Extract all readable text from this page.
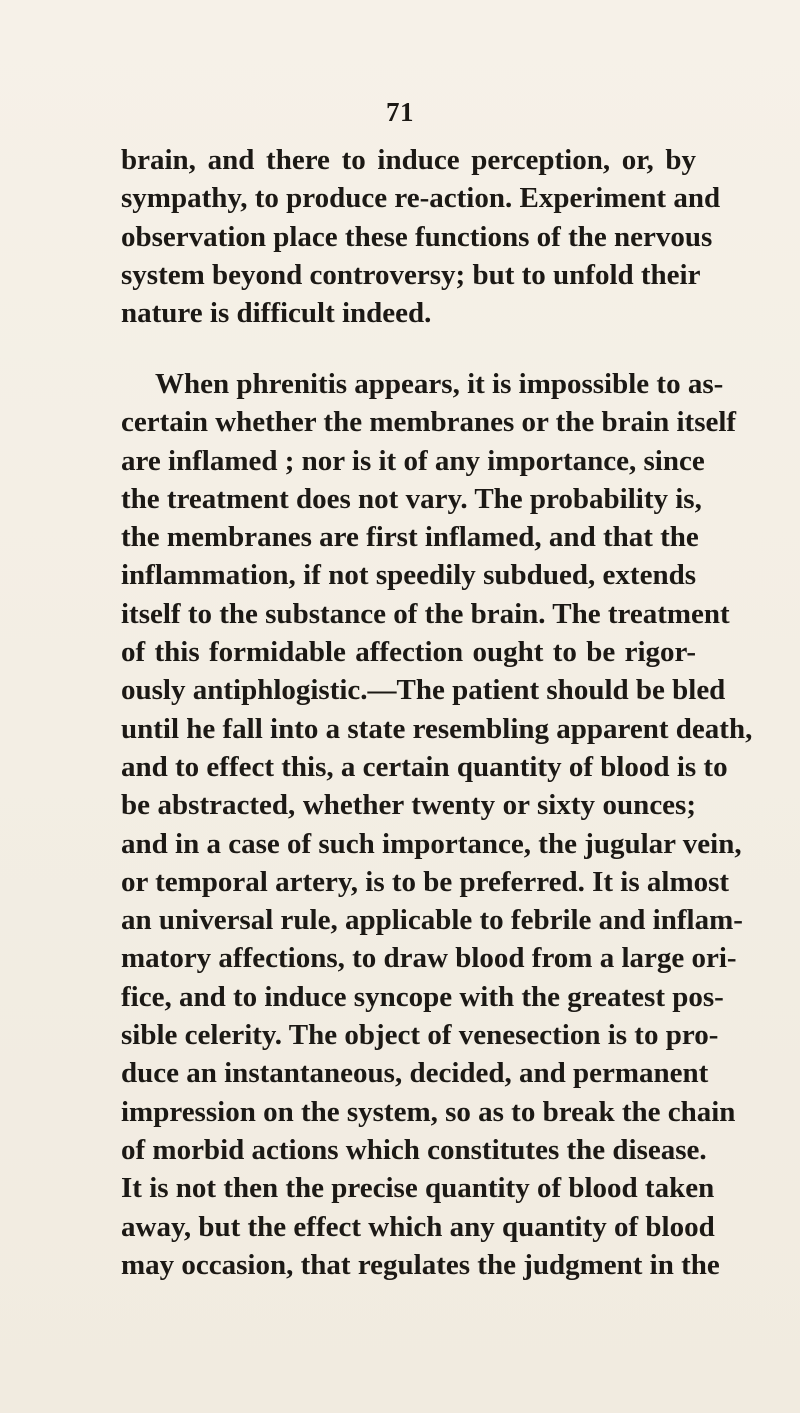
71
brain, and there to induce perception, or, by
sympathy, to produce re-action. Experiment and
observation place these functions of the nervous
system beyond controversy; but to unfold their
nature is difficult indeed.
When phrenitis appears, it is impossible to as-
certain whether the membranes or the brain itself
are inflamed ; nor is it of any importance, since
the treatment does not vary. The probability is,
the membranes are first inflamed, and that the
inflammation, if not speedily subdued, extends
itself to the substance of the brain. The treatment
of this formidable affection ought to be rigor-
ously antiphlogistic.—The patient should be bled
until he fall into a state resembling apparent death,
and to effect this, a certain quantity of blood is to
be abstracted, whether twenty or sixty ounces;
and in a case of such importance, the jugular vein,
or temporal artery, is to be preferred. It is almost
an universal rule, applicable to febrile and inflam-
matory affections, to draw blood from a large ori-
fice, and to induce syncope with the greatest pos-
sible celerity. The object of venesection is to pro-
duce an instantaneous, decided, and permanent
impression on the system, so as to break the chain
of morbid actions which constitutes the disease.
It is not then the precise quantity of blood taken
away, but the effect which any quantity of blood
may occasion, that regulates the judgment in the
